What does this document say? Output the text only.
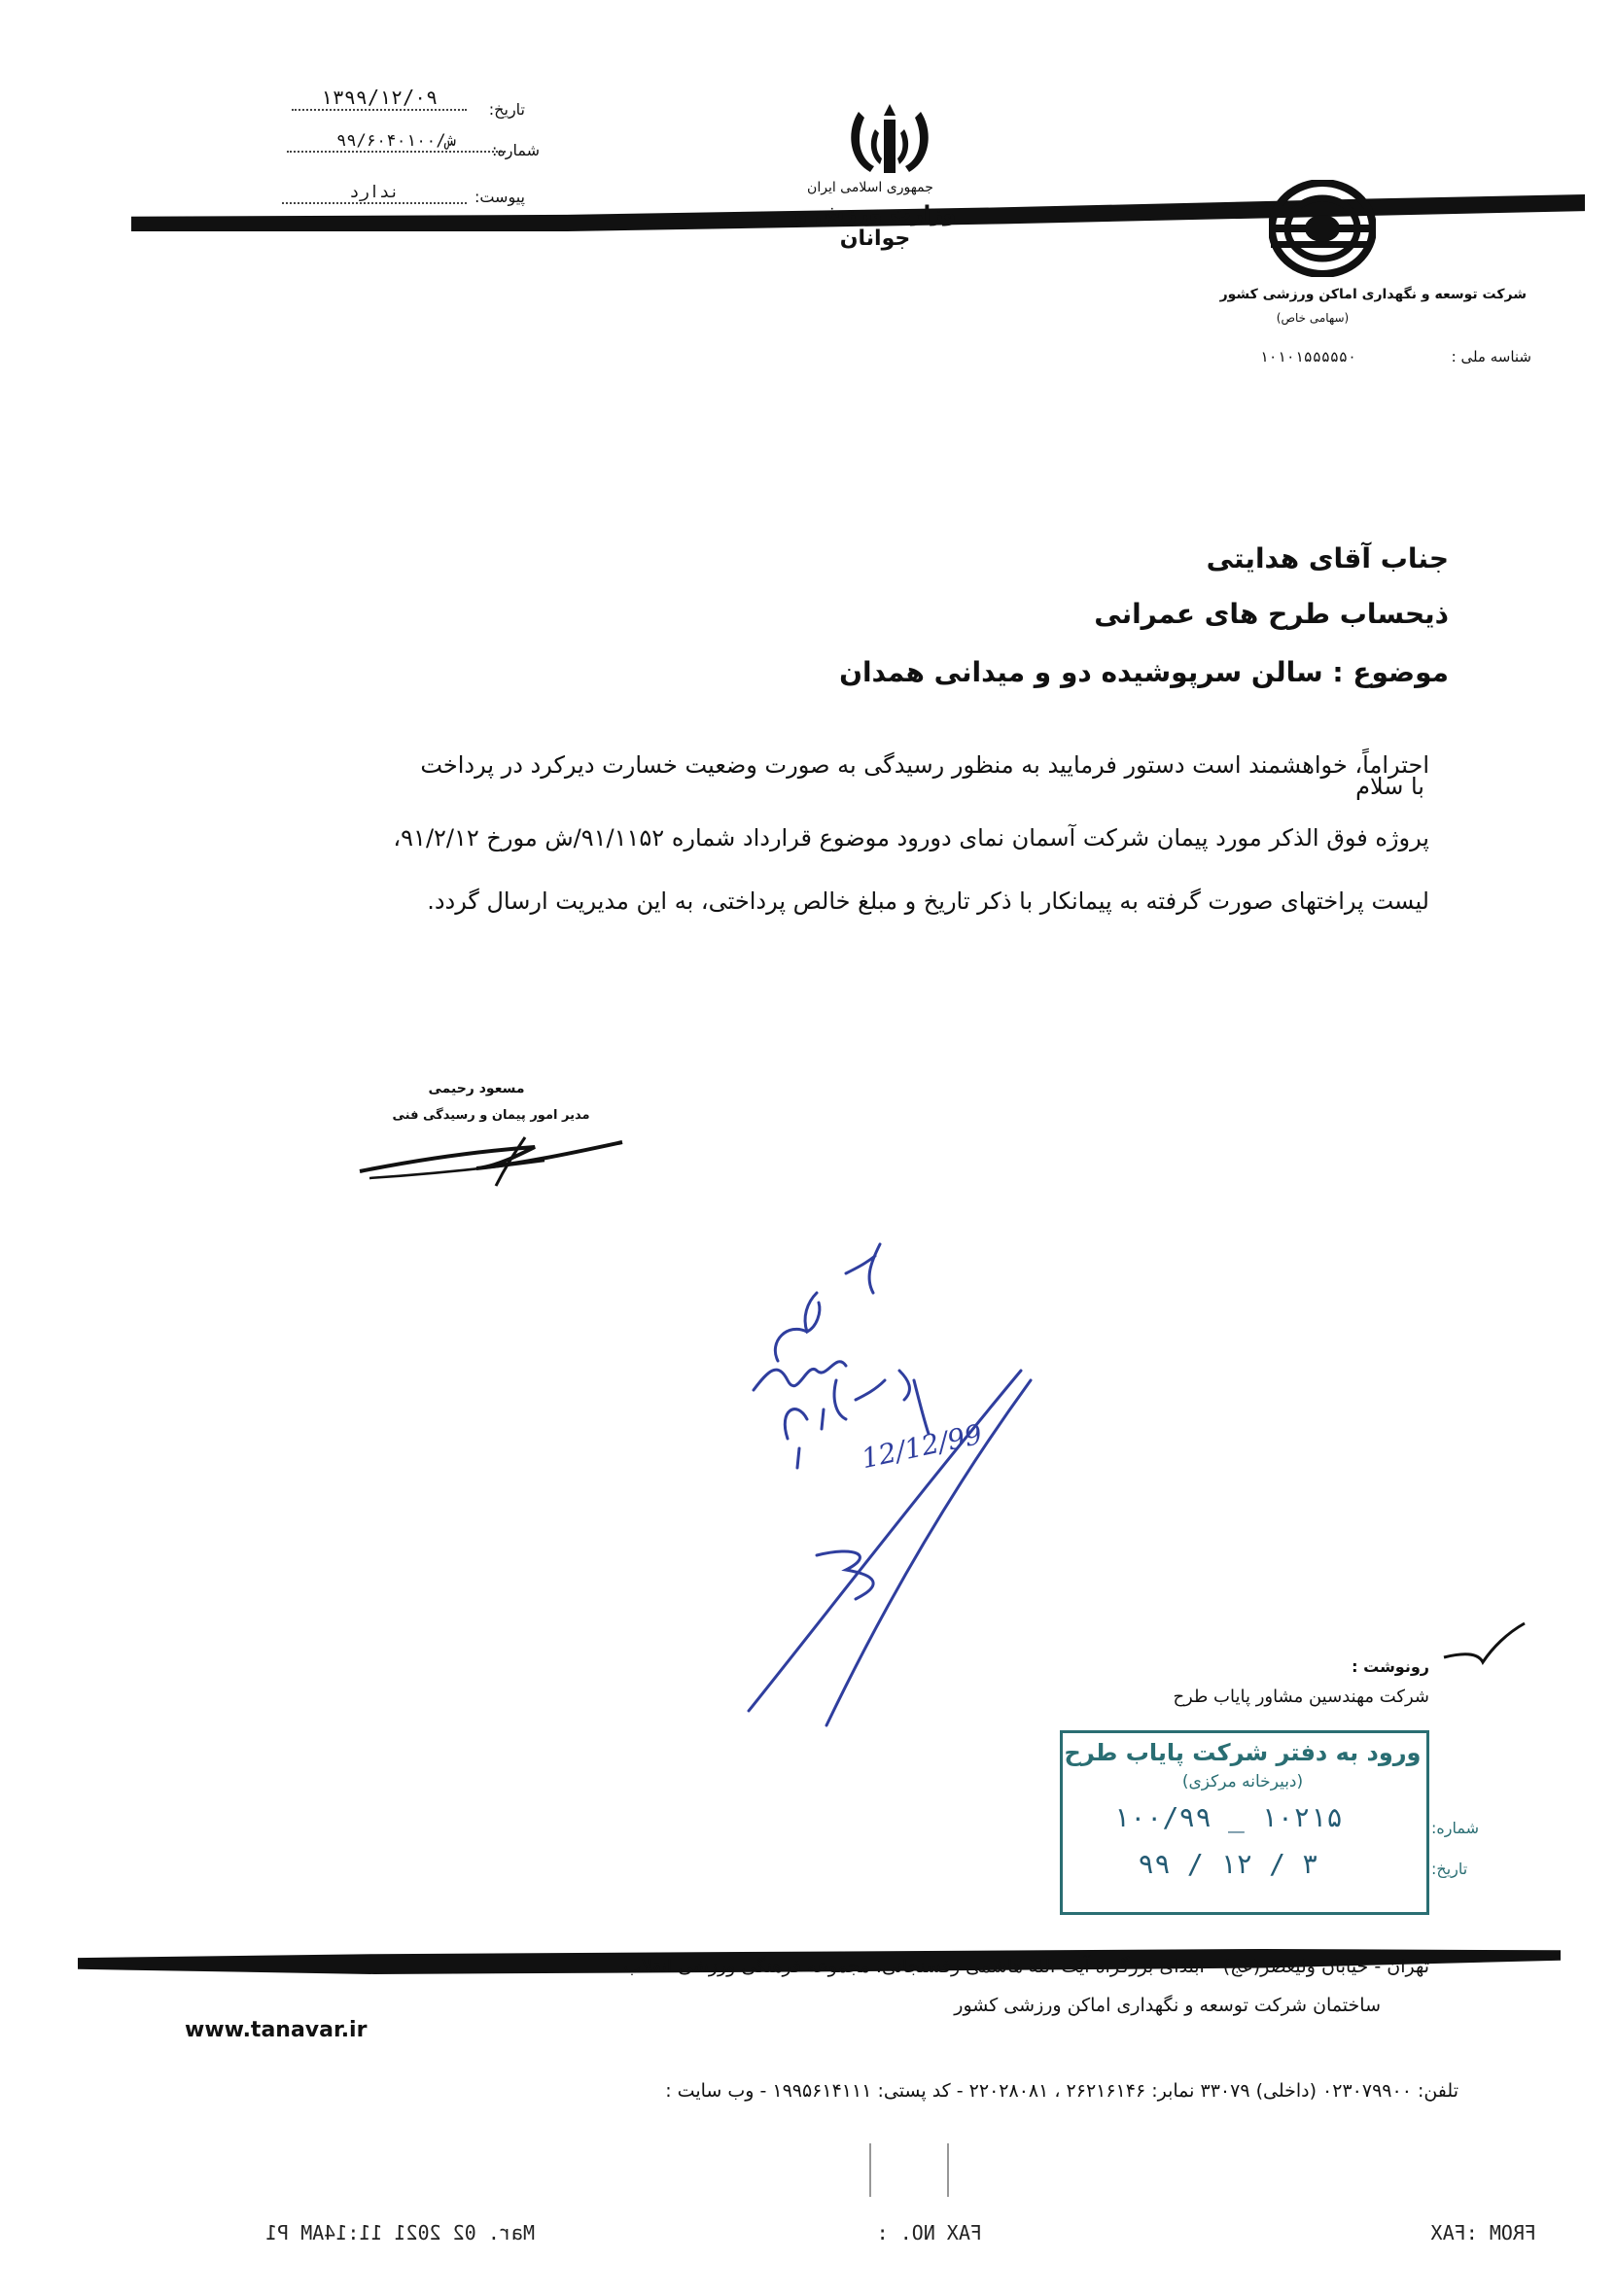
جمهوری اسلامی ایران
وزارت ورزش و جوانان
شرکت توسعه و نگهداری اماکن ورزشی کشور
(سهامی خاص)
شناسه ملی :
۱۰۱۰۱۵۵۵۵۵۰
تاریخ:
۱۳۹۹/۱۲/۰۹
شماره:
۹۹/۶۰۴۰۱۰۰/ش
پیوست:
ندارد
جناب آقای هدایتی
ذیحساب طرح های عمرانی
موضوع : سالن سرپوشیده دو و میدانی همدان
با سلام
احتراماً، خواهشمند است دستور فرمایید به منظور رسیدگی به صورت وضعیت خسارت دیرکرد در پرداخت
پروژه فوق الذکر مورد پیمان شرکت آسمان نمای دورود موضوع قرارداد شماره ۹۱/۱۱۵۲/ش مورخ ۹۱/۲/۱۲،
لیست پراختهای صورت گرفته به پیمانکار با ذکر تاریخ و مبلغ خالص پرداختی، به این مدیریت ارسال گردد.
مسعود رحیمی
مدیر امور پیمان و رسیدگی فنی
12/12/99
رونوشت :
شرکت مهندسین مشاور پایاب طرح
ورود به دفتر شرکت پایاب طرح
(دبیرخانه مرکزی)
شماره:
۱۰۰/۹۹ _ ۱۰۲۱۵
تاریخ:
۹۹ / ۱۲ / ۳
تهران - خیابان ولیعصر(عج) - ابتدای بزرگراه آیت الله هاشمی رفسنجانی، مجموعه فرهنگی ورزشی انقلاب
ساختمان شرکت توسعه و نگهداری اماکن ورزشی کشور
www.tanavar.ir
تلفن: ۰۲۳۰۷۹۹۰۰ (داخلی) ۳۳۰۷۹ نمابر: ۲۶۲۱۶۱۴۶ ، ۲۲۰۲۸۰۸۱ - کد پستی: ۱۹۹۵۶۱۴۱۱۱ - وب سایت :
FROM :FAX
FAX NO. :
Mar. 02 2021 11:14AM P1
